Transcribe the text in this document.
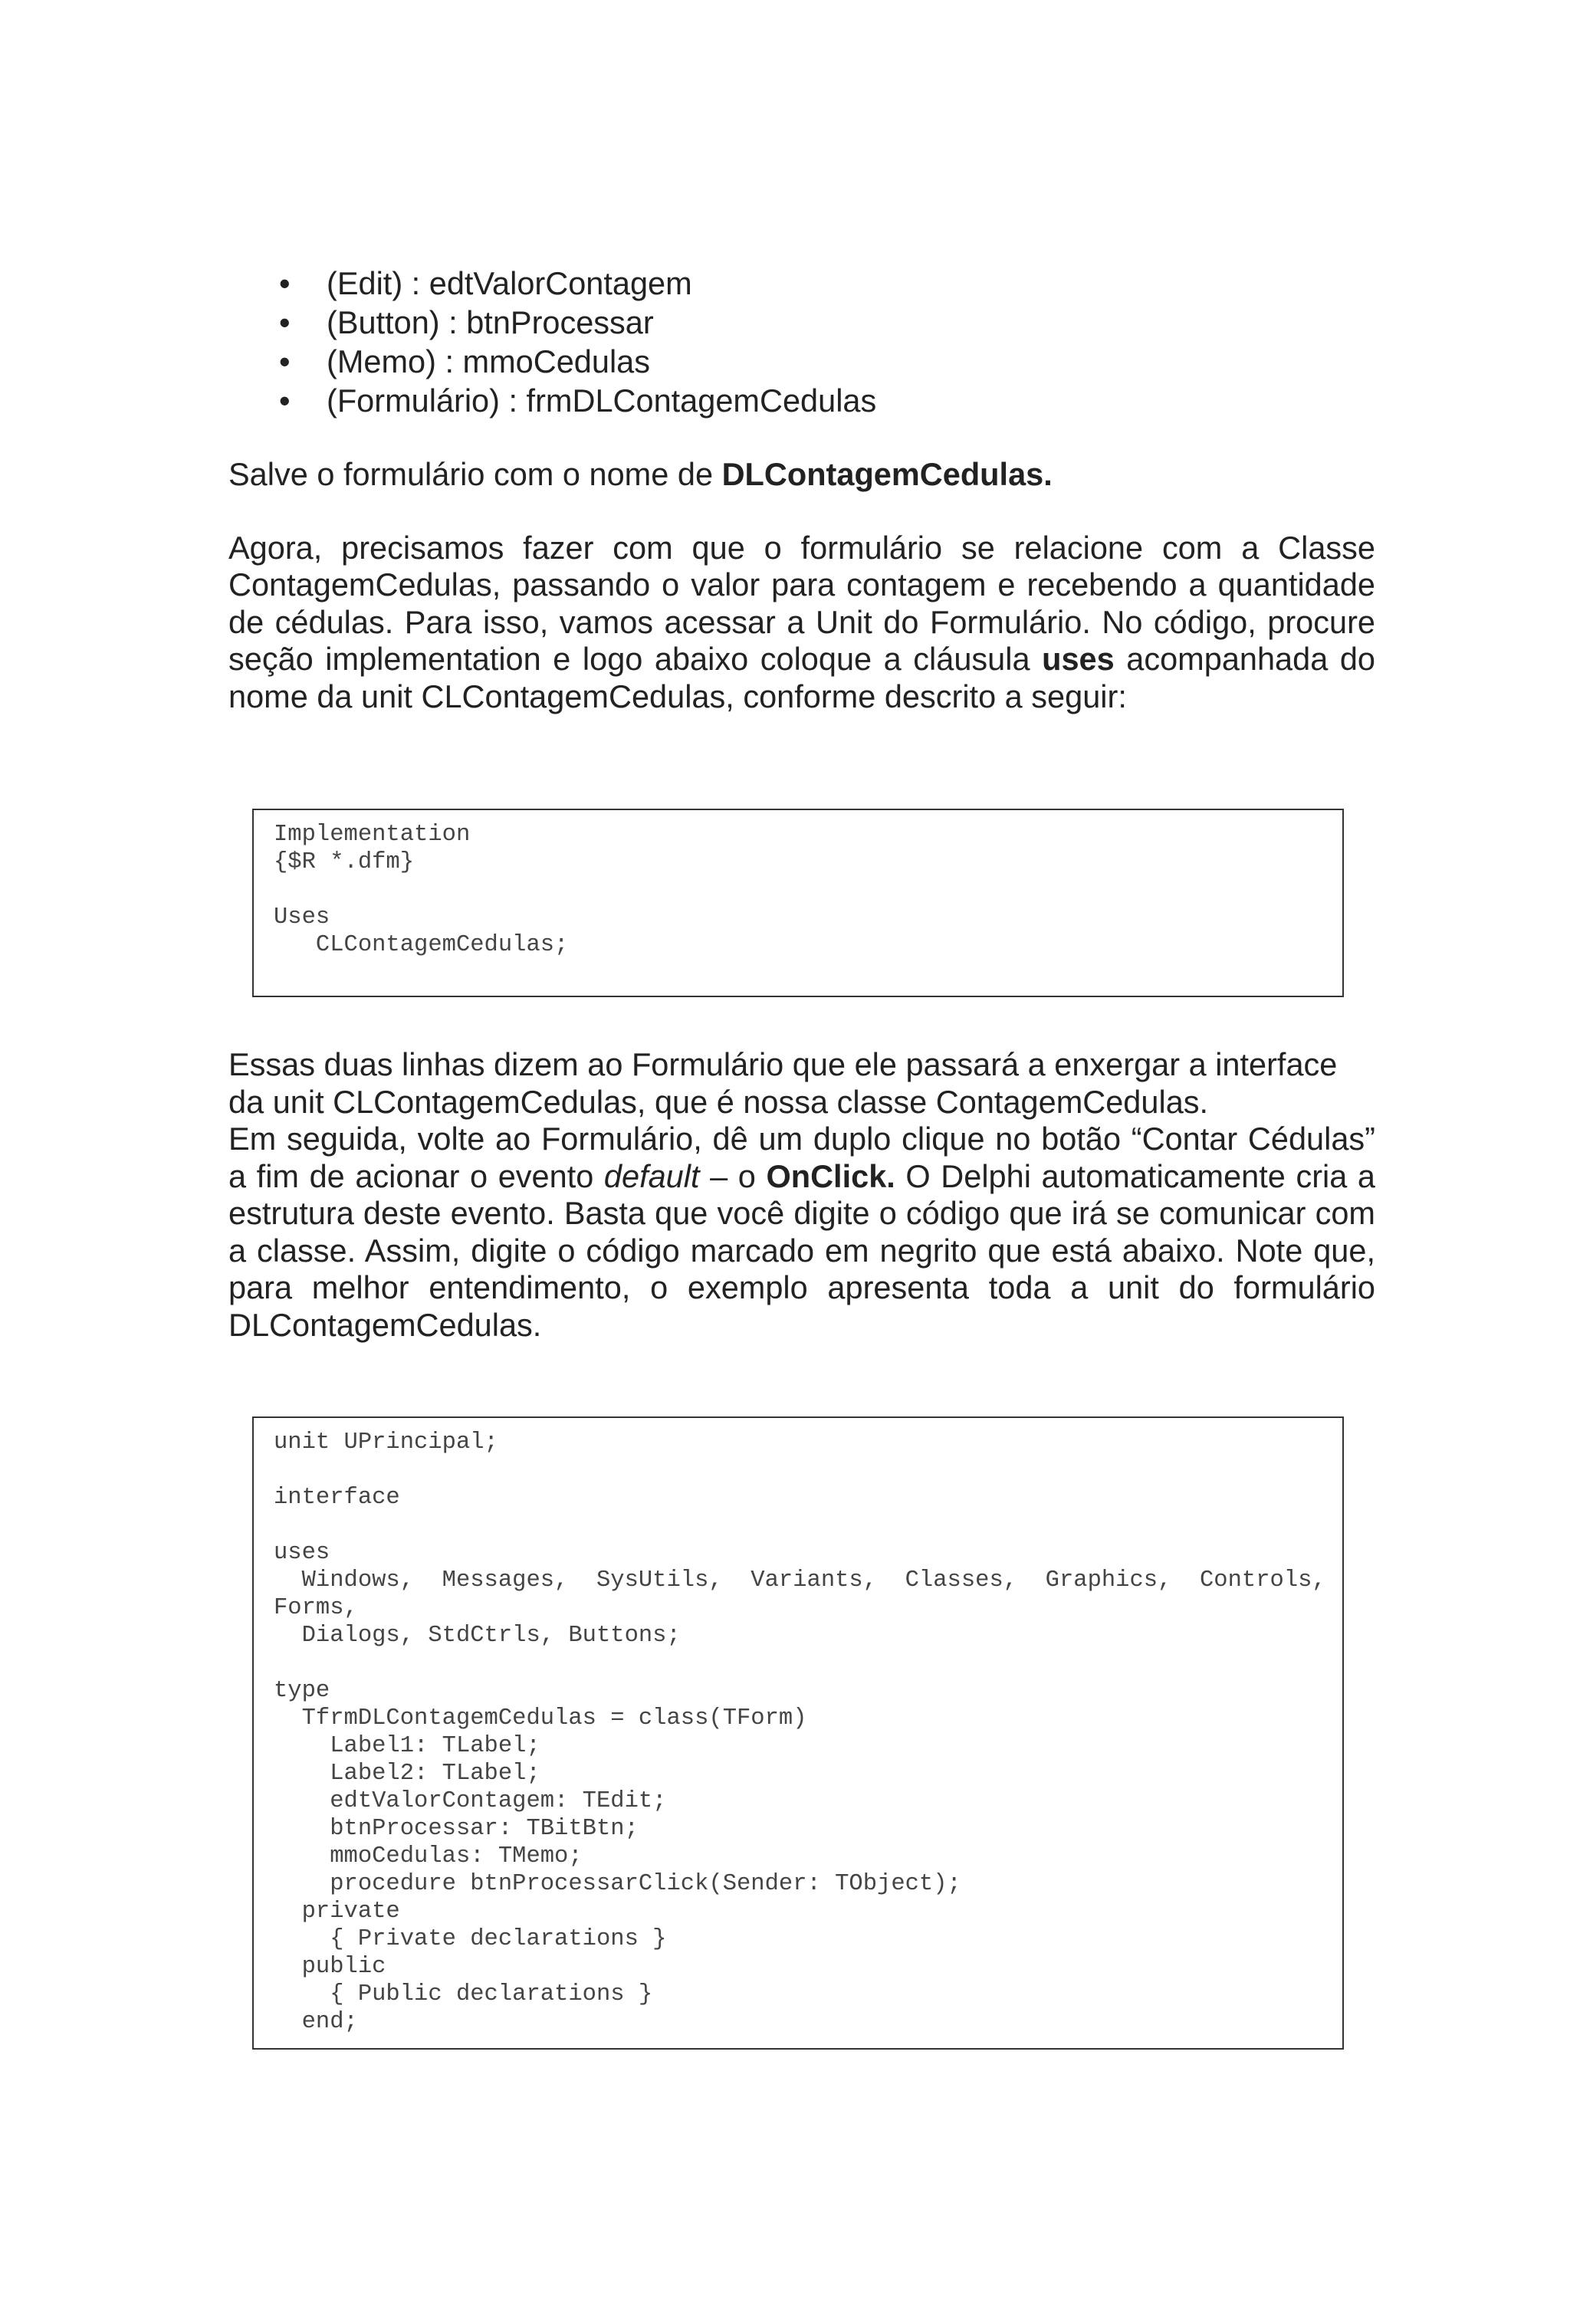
• (Edit) : edtValorContagem
• (Button) : btnProcessar
• (Memo) : mmoCedulas
• (Formulário) : frmDLContagemCedulas

Salve o formulário com o nome de DLContagemCedulas.

Agora, precisamos fazer com que o formulário se relacione com a Classe ContagemCedulas, passando o valor para contagem e recebendo a quantidade de cédulas. Para isso, vamos acessar a Unit do Formulário. No código, procure seção implementation e logo abaixo coloque a cláusula uses acompanhada do nome da unit CLContagemCedulas, conforme descrito a seguir:

Implementation
{$R *.dfm}
Uses
CLContagemCedulas;

Essas duas linhas dizem ao Formulário que ele passará a enxergar a interface da unit CLContagemCedulas, que é nossa classe ContagemCedulas.

Em seguida, volte ao Formulário, dê um duplo clique no botão “Contar Cédulas” a fim de acionar o evento default – o OnClick. O Delphi automaticamente cria a estrutura deste evento. Basta que você digite o código que irá se comunicar com a classe. Assim, digite o código marcado em negrito que está abaixo. Note que, para melhor entendimento, o exemplo apresenta toda a unit do formulário DLContagemCedulas.

unit UPrincipal;
interface
uses
Windows,  Messages,  SysUtils,  Variants,  Classes,  Graphics,  Controls,
Forms,
Dialogs, StdCtrls, Buttons;
type
TfrmDLContagemCedulas = class(TForm)
Label1: TLabel;
Label2: TLabel;
edtValorContagem: TEdit;
btnProcessar: TBitBtn;
mmoCedulas: TMemo;
procedure btnProcessarClick(Sender: TObject);
private
{ Private declarations }
public
{ Public declarations }
end;
